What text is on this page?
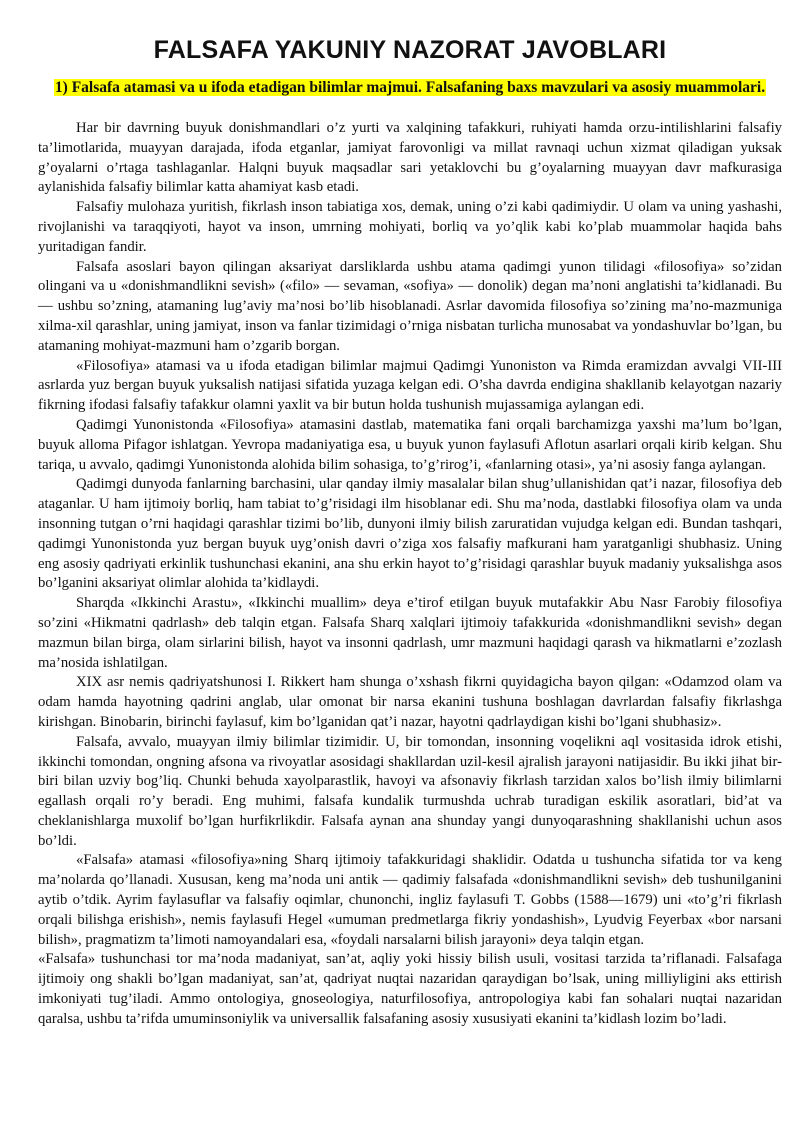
FALSAFA YAKUNIY NAZORAT JAVOBLARI
1) Falsafa atamasi va u ifoda etadigan bilimlar majmui. Falsafaning baxs mavzulari va asosiy muammolari.

Har bir davrning buyuk donishmandlari o’z yurti va xalqining tafakkuri, ruhiyati hamda orzu-intilishlarini falsafiy ta’limotlarida, muayyan darajada, ifoda etganlar, jamiyat farovonligi va millat ravnaqi uchun xizmat qiladigan yuksak g’oyalarni o’rtaga tashlaganlar. Halqni buyuk maqsadlar sari yetaklovchi bu g’oyalarning muayyan davr mafkurasiga aylanishida falsafiy bilimlar katta ahamiyat kasb etadi.

Falsafiy mulohaza yuritish, fikrlash inson tabiatiga xos, demak, uning o’zi kabi qadimiydir. U olam va uning yashashi, rivojlanishi va taraqqiyoti, hayot va inson, umrning mohiyati, borliq va yo’qlik kabi ko’plab muammolar haqida bahs yuritadigan fandir.

Falsafa asoslari bayon qilingan aksariyat darsliklarda ushbu atama qadimgi yunon tilidagi «filosofiya» so’zidan olingani va u «donishmandlikni sevish» («filo» — sevaman, «sofiya» — donolik) degan ma’noni anglatishi ta’kidlanadi. Bu — ushbu so’zning, atamaning lug’aviy ma’nosi bo’lib hisoblanadi. Asrlar davomida filosofiya so’zining ma’no-mazmuniga xilma-xil qarashlar, uning jamiyat, inson va fanlar tizimidagi o’rniga nisbatan turlicha munosabat va yondashuvlar bo’lgan, bu atamaning mohiyat-mazmuni ham o’zgarib borgan.

«Filosofiya» atamasi va u ifoda etadigan bilimlar majmui Qadimgi Yunoniston va Rimda eramizdan avvalgi VII-III asrlarda yuz bergan buyuk yuksalish natijasi sifatida yuzaga kelgan edi. O’sha davrda endigina shakllanib kelayotgan nazariy fikrning ifodasi falsafiy tafakkur olamni yaxlit va bir butun holda tushunish mujassamiga aylangan edi.

Qadimgi Yunonistonda «Filosofiya» atamasini dastlab, matematika fani orqali barchamizga yaxshi ma’lum bo’lgan, buyuk alloma Pifagor ishlatgan. Yevropa madaniyatiga esa, u buyuk yunon faylasufi Aflotun asarlari orqali kirib kelgan. Shu tariqa, u avvalo, qadimgi Yunonistonda alohida bilim sohasiga, to’g’rirog’i, «fanlarning otasi», ya’ni asosiy fanga aylangan.

Qadimgi dunyoda fanlarning barchasini, ular qanday ilmiy masalalar bilan shug’ullanishidan qat’i nazar, filosofiya deb ataganlar. U ham ijtimoiy borliq, ham tabiat to’g’risidagi ilm hisoblanar edi. Shu ma’noda, dastlabki filosofiya olam va unda insonning tutgan o’rni haqidagi qarashlar tizimi bo’lib, dunyoni ilmiy bilish zaruratidan vujudga kelgan edi. Bundan tashqari, qadimgi Yunonistonda yuz bergan buyuk uyg’onish davri o’ziga xos falsafiy mafkurani ham yaratganligi shubhasiz. Uning eng asosiy qadriyati erkinlik tushunchasi ekanini, ana shu erkin hayot to’g’risidagi qarashlar buyuk madaniy yuksalishga asos bo’lganini aksariyat olimlar alohida ta’kidlaydi.

Sharqda «Ikkinchi Arastu», «Ikkinchi muallim» deya e’tirof etilgan buyuk mutafakkir Abu Nasr Farobiy filosofiya so’zini «Hikmatni qadrlash» deb talqin etgan. Falsafa Sharq xalqlari ijtimoiy tafakkurida «donishmandlikni sevish» degan mazmun bilan birga, olam sirlarini bilish, hayot va insonni qadrlash, umr mazmuni haqidagi qarash va hikmatlarni e’zozlash ma’nosida ishlatilgan.

XIX asr nemis qadriyatshunosi I. Rikkert ham shunga o’xshash fikrni quyidagicha bayon qilgan: «Odamzod olam va odam hamda hayotning qadrini anglab, ular omonat bir narsa ekanini tushuna boshlagan davrlardan falsafiy fikrlashga kirishgan. Binobarin, birinchi faylasuf, kim bo’lganidan qat’i nazar, hayotni qadrlaydigan kishi bo’lgani shubhasiz».

Falsafa, avvalo, muayyan ilmiy bilimlar tizimidir. U, bir tomondan, insonning voqelikni aql vositasida idrok etishi, ikkinchi tomondan, ongning afsona va rivoyatlar asosidagi shakllardan uzil-kesil ajralish jarayoni natijasidir. Bu ikki jihat bir-biri bilan uzviy bog’liq. Chunki behuda xayolparastlik, havoyi va afsonaviy fikrlash tarzidan xalos bo’lish ilmiy bilimlarni egallash orqali ro’y beradi. Eng muhimi, falsafa kundalik turmushda uchrab turadigan eskilik asoratlari, bid’at va cheklanishlarga muxolif bo’lgan hurfikrlikdir. Falsafa aynan ana shunday yangi dunyoqarashning shakllanishi uchun asos bo’ldi.

«Falsafa» atamasi «filosofiya»ning Sharq ijtimoiy tafakkuridagi shaklidir. Odatda u tushuncha sifatida tor va keng ma’nolarda qo’llanadi. Xususan, keng ma’noda uni antik — qadimiy falsafada «donishmandlikni sevish» deb tushunilganini aytib o’tdik. Ayrim faylasuflar va falsafiy oqimlar, chunonchi, ingliz faylasufi T. Gobbs (1588—1679) uni «to’g’ri fikrlash orqali bilishga erishish», nemis faylasufi Hegel «umuman predmetlarga fikriy yondashish», Lyudvig Feyerbax «bor narsani bilish», pragmatizm ta’limoti namoyandalari esa, «foydali narsalarni bilish jarayoni» deya talqin etgan.

«Falsafa» tushunchasi tor ma’noda madaniyat, san’at, aqliy yoki hissiy bilish usuli, vositasi tarzida ta’riflanadi. Falsafaga ijtimoiy ong shakli bo’lgan madaniyat, san’at, qadriyat nuqtai nazaridan qaraydigan bo’lsak, uning milliyligini aks ettirish imkoniyati tug’iladi. Ammo ontologiya, gnoseologiya, naturfilosofiya, antropologiya kabi fan sohalari nuqtai nazaridan qaralsa, ushbu ta’rifda umuminsoniylik va universallik falsafaning asosiy xususiyati ekanini ta’kidlash lozim bo’ladi.
